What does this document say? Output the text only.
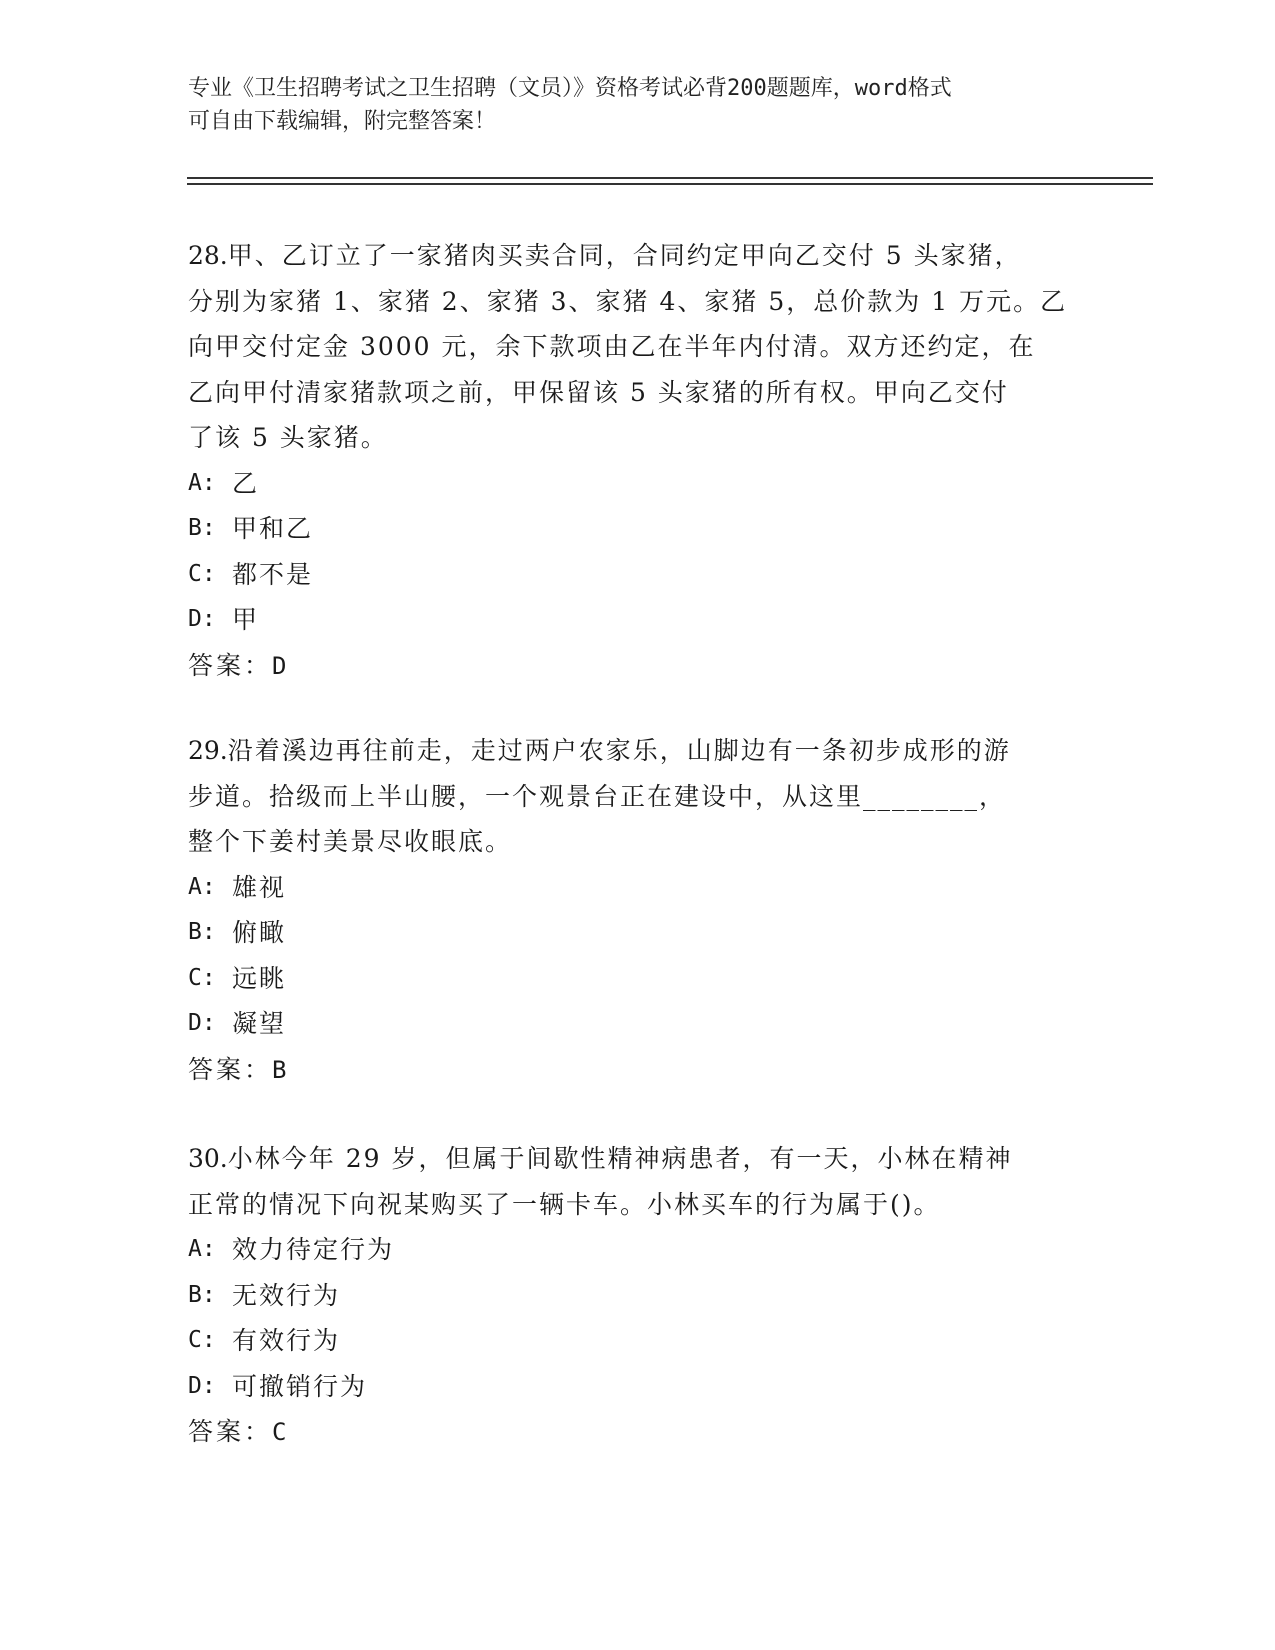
专业《卫生招聘考试之卫生招聘（文员）》资格考试必背200题题库，word格式
可自由下载编辑，附完整答案！

28.甲、乙订立了一家猪肉买卖合同，合同约定甲向乙交付 5 头家猪，
分别为家猪 1、家猪 2、家猪 3、家猪 4、家猪 5，总价款为 1 万元。乙
向甲交付定金 3000 元，余下款项由乙在半年内付清。双方还约定，在
乙向甲付清家猪款项之前，甲保留该 5 头家猪的所有权。甲向乙交付
了该 5 头家猪。

A: 乙
B: 甲和乙
C: 都不是
D: 甲
答案：D

29.沿着溪边再往前走，走过两户农家乐，山脚边有一条初步成形的游
步道。拾级而上半山腰，一个观景台正在建设中，从这里________，
整个下姜村美景尽收眼底。

A: 雄视
B: 俯瞰
C: 远眺
D: 凝望
答案：B

30.小林今年 29 岁，但属于间歇性精神病患者，有一天，小林在精神
正常的情况下向祝某购买了一辆卡车。小林买车的行为属于()。

A: 效力待定行为
B: 无效行为
C: 有效行为
D: 可撤销行为
答案：C
